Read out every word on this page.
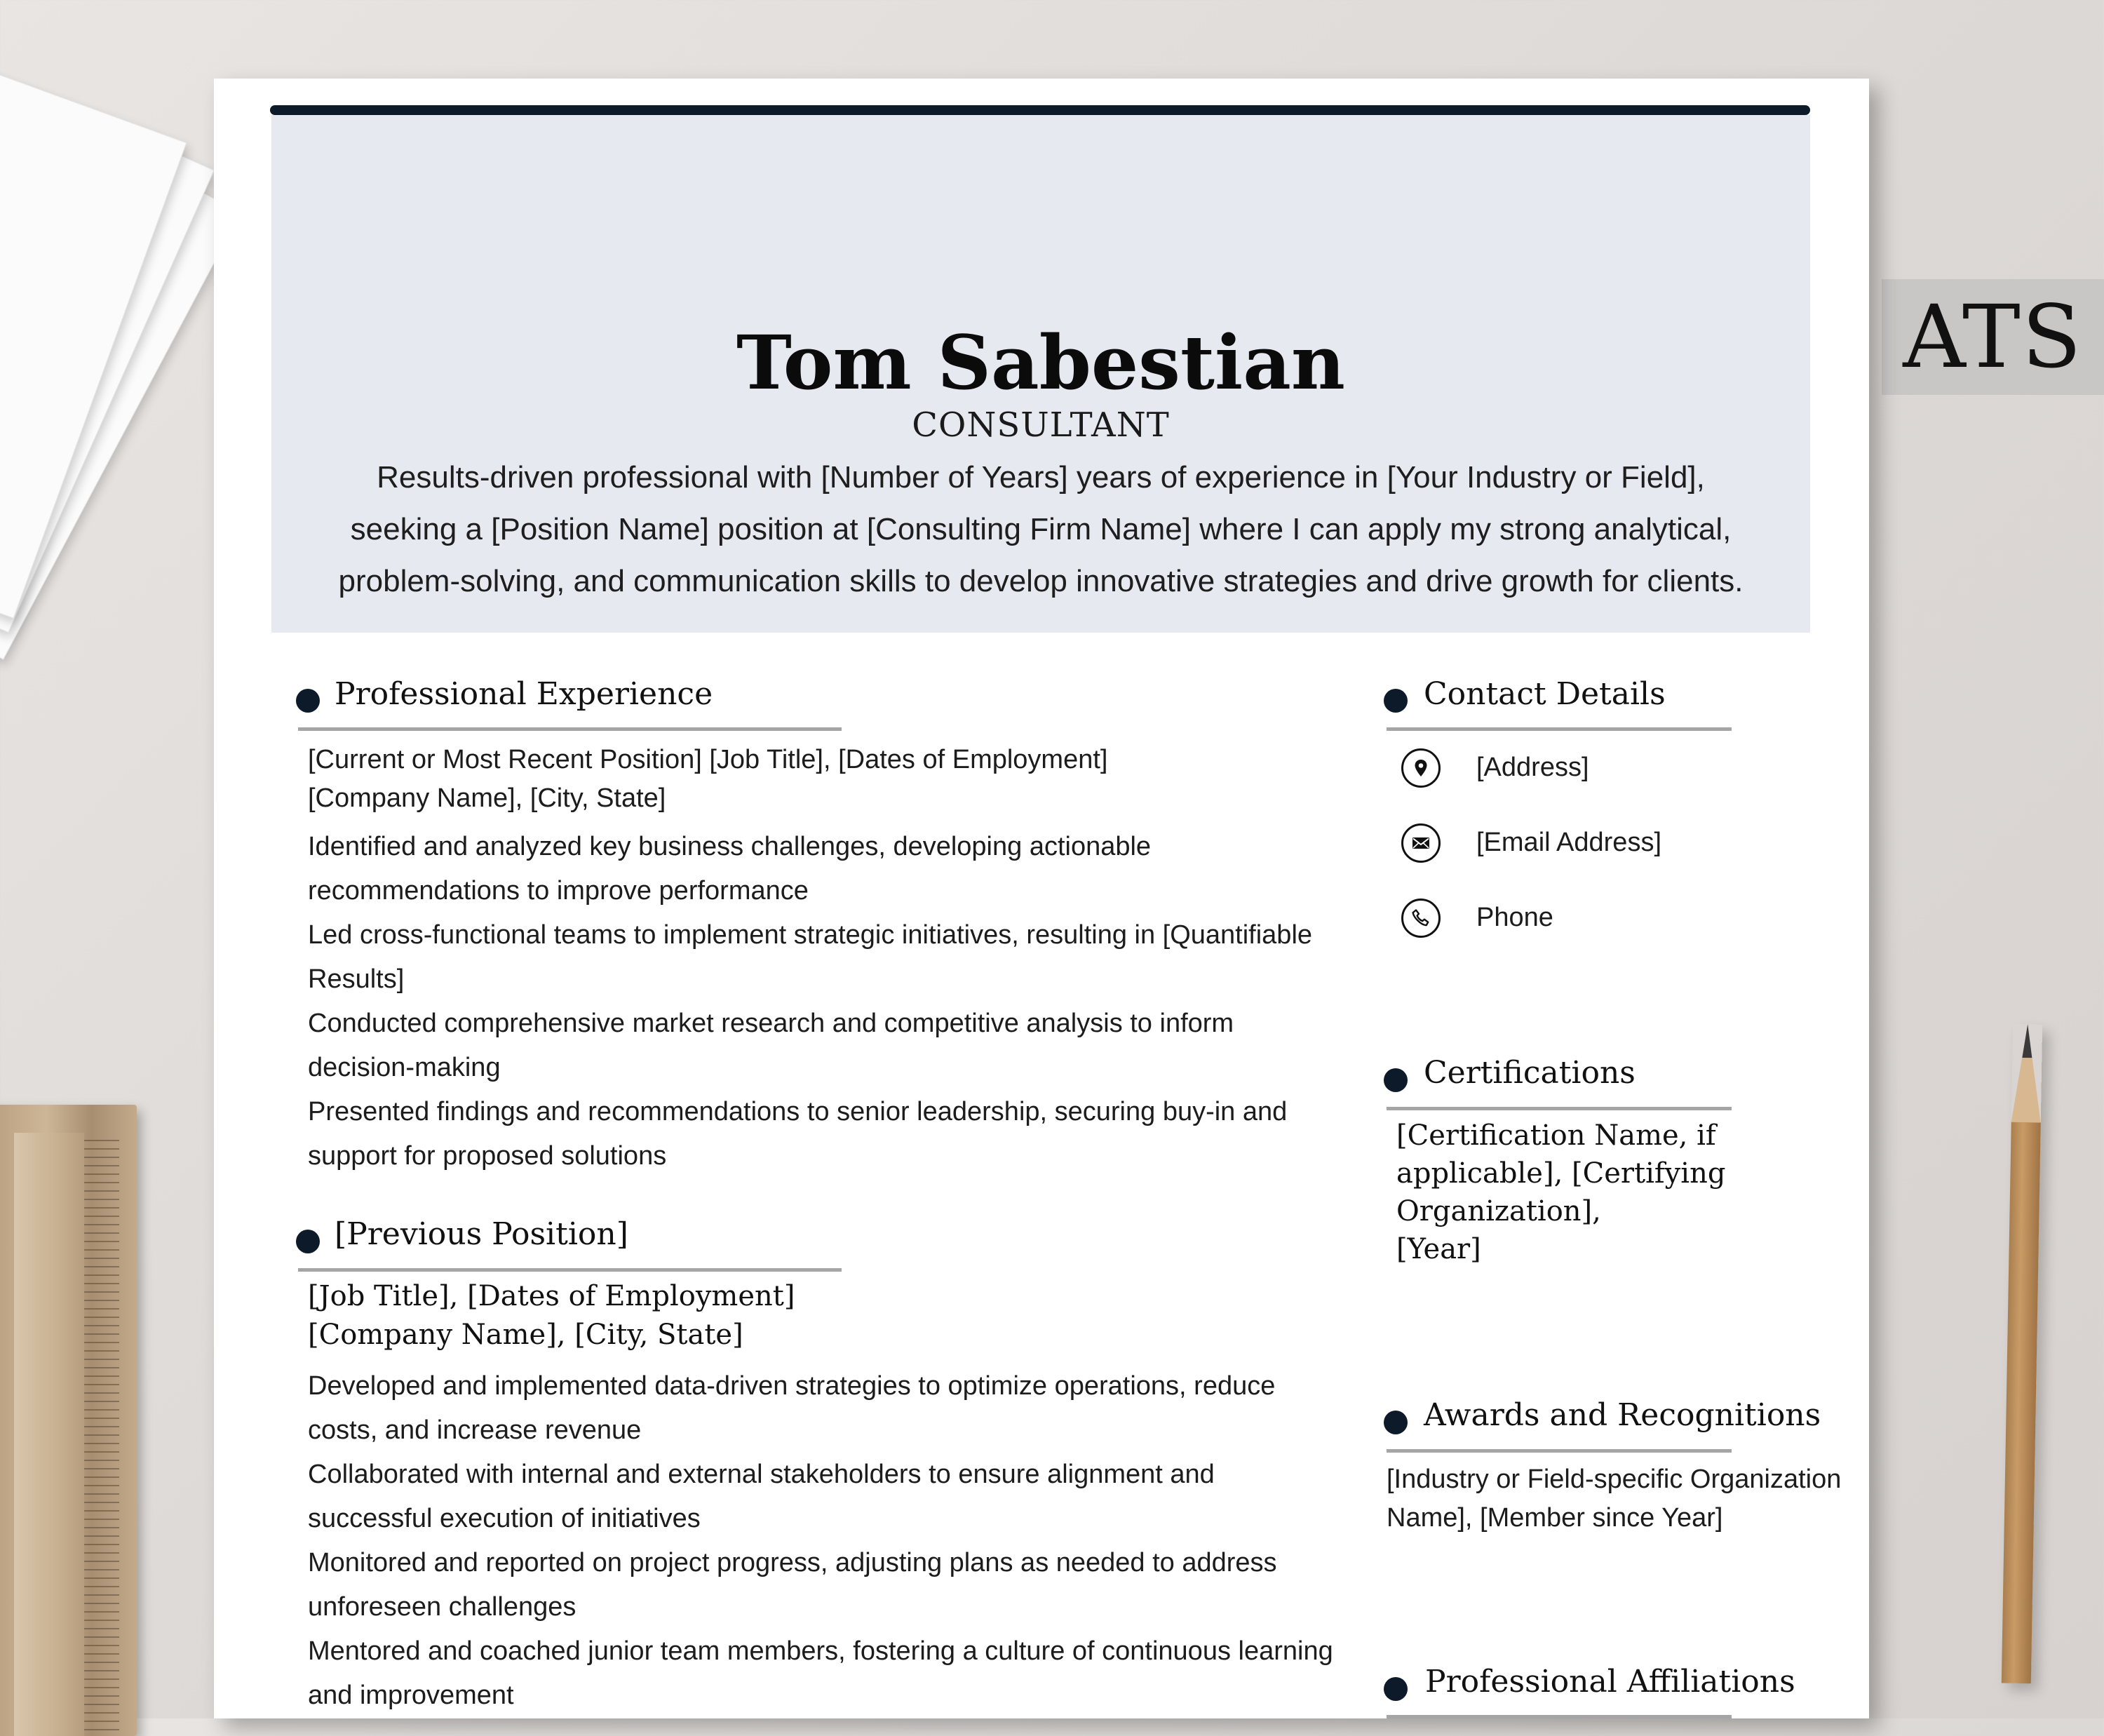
ATS
Tom Sabestian
CONSULTANT
Results-driven professional with [Number of Years] years of experience in [Your Industry or Field], seeking a [Position Name] position at [Consulting Firm Name] where I can apply my strong analytical, problem-solving, and communication skills to develop innovative strategies and drive growth for clients.
Professional Experience
[Current or Most Recent Position] [Job Title], [Dates of Employment]
[Company Name], [City, State]
Identified and analyzed key business challenges, developing actionable
recommendations to improve performance
Led cross-functional teams to implement strategic initiatives, resulting in [Quantifiable
Results]
Conducted comprehensive market research and competitive analysis to inform
decision-making
Presented findings and recommendations to senior leadership, securing buy-in and
support for proposed solutions
[Previous Position]
[Job Title], [Dates of Employment]
[Company Name], [City, State]
Developed and implemented data-driven strategies to optimize operations, reduce
costs, and increase revenue
Collaborated with internal and external stakeholders to ensure alignment and
successful execution of initiatives
Monitored and reported on project progress, adjusting plans as needed to address
unforeseen challenges
Mentored and coached junior team members, fostering a culture of continuous learning
and improvement
Contact Details
[Address]
[Email Address]
Phone
Certifications
[Certification Name, if
applicable], [Certifying
Organization],
[Year]
Awards and Recognitions
[Industry or Field-specific Organization
Name], [Member since Year]
Professional Affiliations
